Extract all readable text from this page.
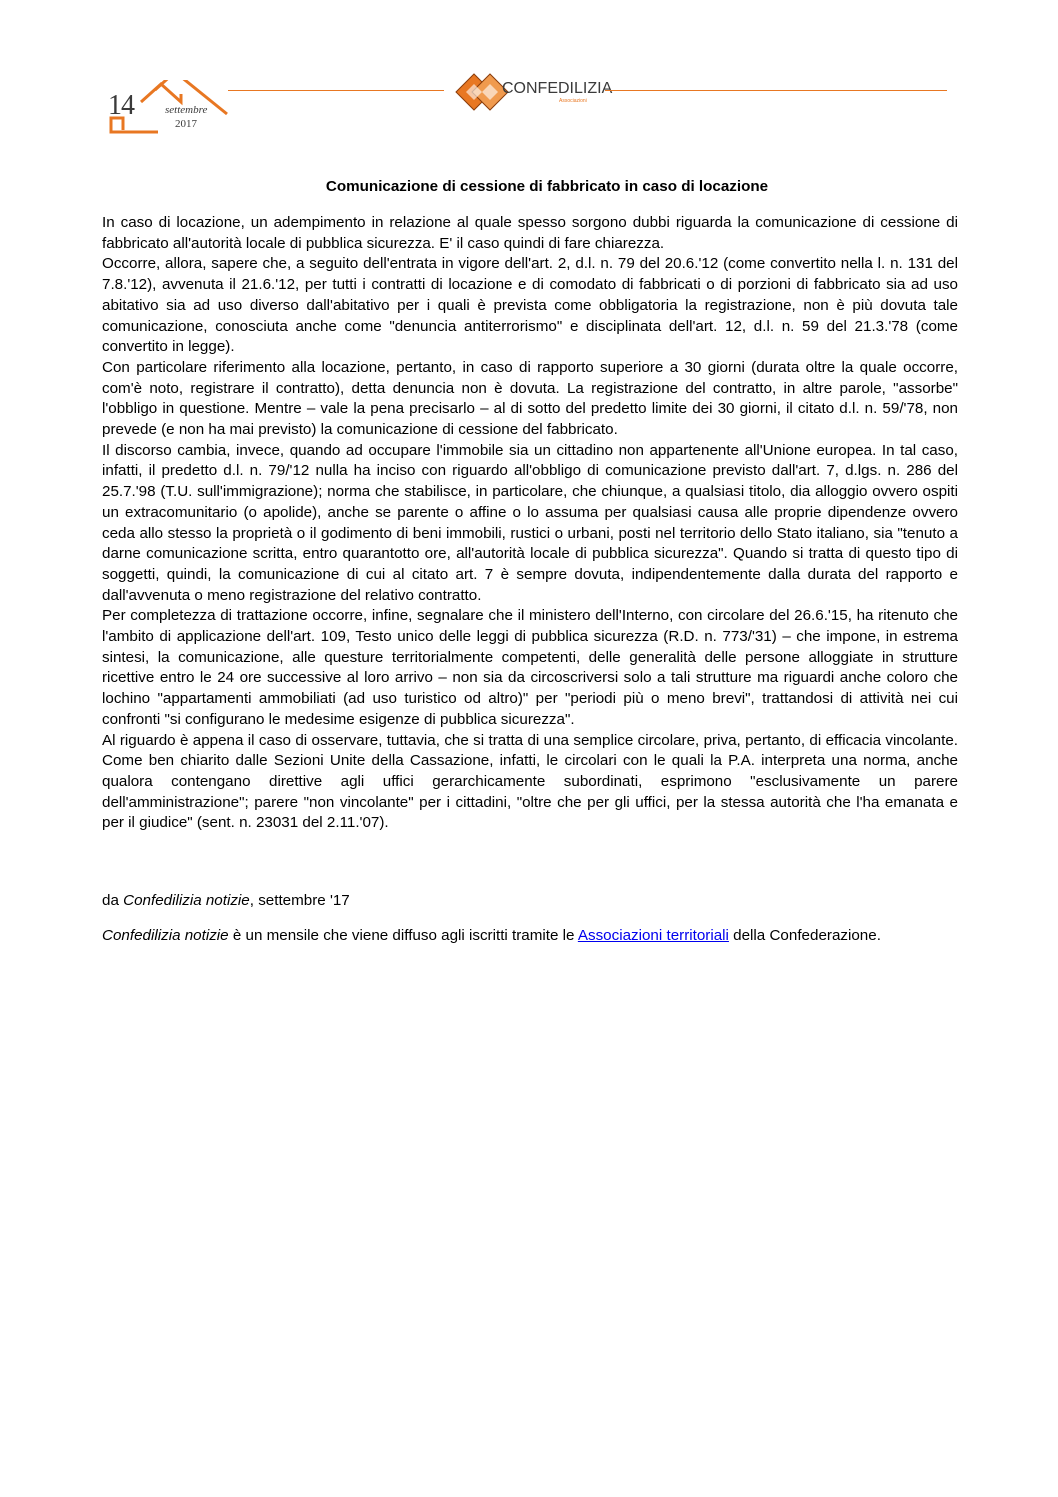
14	settembre
2017
CONFEDILIZIA
Associazioni

Comunicazione di cessione di fabbricato in caso di locazione

In caso di locazione, un adempimento in relazione al quale spesso sorgono dubbi riguarda la comunicazione di cessione di fabbricato all'autorità locale di pubblica sicurezza. E' il caso quindi di fare chiarezza.

Occorre, allora, sapere che, a seguito dell'entrata in vigore dell'art. 2, d.l. n. 79 del 20.6.'12 (come convertito nella l. n. 131 del 7.8.'12), avvenuta il 21.6.'12, per tutti i contratti di locazione e di comodato di fabbricati o di porzioni di fabbricato sia ad uso abitativo sia ad uso diverso dall'abitativo per i quali è prevista come obbligatoria la registrazione, non è più dovuta tale comunicazione, conosciuta anche come "denuncia antiterrorismo" e disciplinata dell'art. 12, d.l. n. 59 del 21.3.'78 (come convertito in legge).

Con particolare riferimento alla locazione, pertanto, in caso di rapporto superiore a 30 giorni (durata oltre la quale occorre, com'è noto, registrare il contratto), detta denuncia non è dovuta. La registrazione del contratto, in altre parole, "assorbe" l'obbligo in questione. Mentre – vale la pena precisarlo – al di sotto del predetto limite dei 30 giorni, il citato d.l. n. 59/'78, non prevede (e non ha mai previsto) la comunicazione di cessione del fabbricato.

Il discorso cambia, invece, quando ad occupare l'immobile sia un cittadino non appartenente all'Unione europea. In tal caso, infatti, il predetto d.l. n. 79/'12 nulla ha inciso con riguardo all'obbligo di comunicazione previsto dall'art. 7, d.lgs. n. 286 del 25.7.'98 (T.U. sull'immigrazione); norma che stabilisce, in particolare, che chiunque, a qualsiasi titolo, dia alloggio ovvero ospiti un extracomunitario (o apolide), anche se parente o affine o lo assuma per qualsiasi causa alle proprie dipendenze ovvero ceda allo stesso la proprietà o il godimento di beni immobili, rustici o urbani, posti nel territorio dello Stato italiano, sia "tenuto a darne comunicazione scritta, entro quarantotto ore, all'autorità locale di pubblica sicurezza". Quando si tratta di questo tipo di soggetti, quindi, la comunicazione di cui al citato art. 7 è sempre dovuta, indipendentemente dalla durata del rapporto e dall'avvenuta o meno registrazione del relativo contratto.

Per completezza di trattazione occorre, infine, segnalare che il ministero dell'Interno, con circolare del 26.6.'15, ha ritenuto che l'ambito di applicazione dell'art. 109, Testo unico delle leggi di pubblica sicurezza (R.D. n. 773/'31) – che impone, in estrema sintesi, la comunicazione, alle questure territorialmente competenti, delle generalità delle persone alloggiate in strutture ricettive entro le 24 ore successive al loro arrivo – non sia da circoscriversi solo a tali strutture ma riguardi anche coloro che lochino "appartamenti ammobiliati (ad uso turistico od altro)" per "periodi più o meno brevi", trattandosi di attività nei cui confronti "si configurano le medesime esigenze di pubblica sicurezza".

Al riguardo è appena il caso di osservare, tuttavia, che si tratta di una semplice circolare, priva, pertanto, di efficacia vincolante. Come ben chiarito dalle Sezioni Unite della Cassazione, infatti, le circolari con le quali la P.A. interpreta una norma, anche qualora contengano direttive agli uffici gerarchicamente subordinati, esprimono "esclusivamente un parere dell'amministrazione"; parere "non vincolante" per i cittadini, "oltre che per gli uffici, per la stessa autorità che l'ha emanata e per il giudice" (sent. n. 23031 del 2.11.'07).

da Confedilizia notizie, settembre '17

Confedilizia notizie è un mensile che viene diffuso agli iscritti tramite le Associazioni territoriali della Confederazione.
